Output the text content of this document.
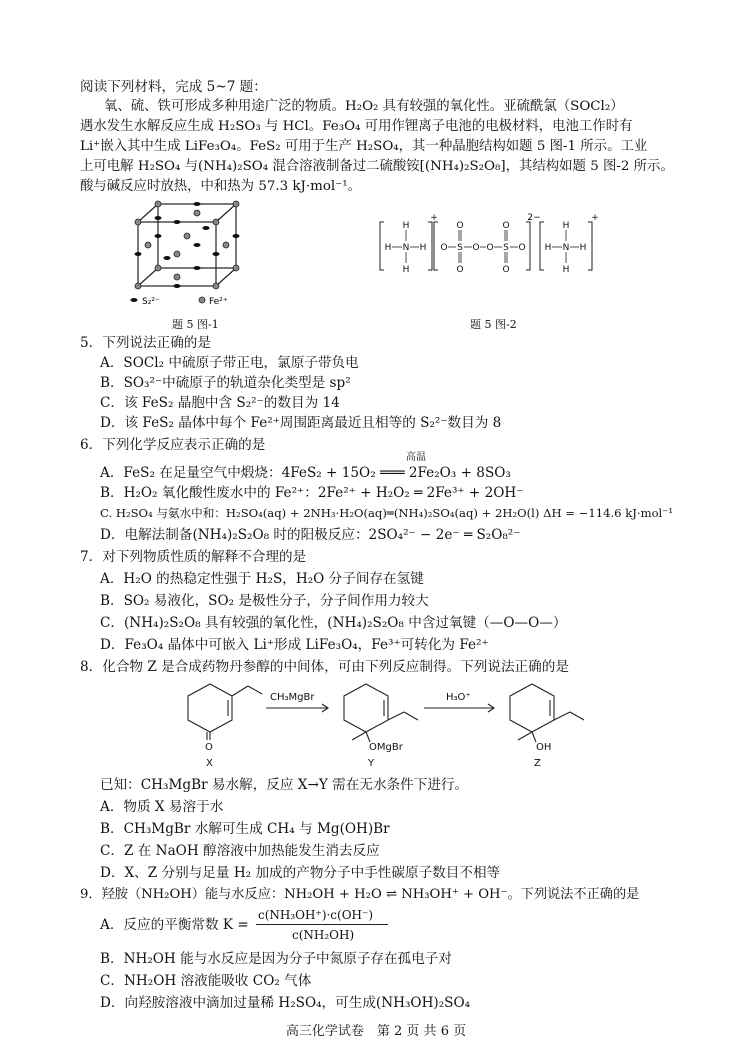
阅读下列材料，完成 5~7 题：
氧、硫、铁可形成多种用途广泛的物质。H₂O₂ 具有较强的氧化性。亚硫酰氯（SOCl₂）
遇水发生水解反应生成 H₂SO₃ 与 HCl。Fe₃O₄ 可用作锂离子电池的电极材料，电池工作时有
Li⁺嵌入其中生成 LiFe₃O₄。FeS₂ 可用于生产 H₂SO₄，其一种晶胞结构如题 5 图-1 所示。工业
上可电解 H₂SO₄ 与(NH₄)₂SO₄ 混合溶液制备过二硫酸铵[(NH₄)₂S₂O₈]，其结构如题 5 图-2 所示。
酸与碱反应时放热，中和热为 57.3 kJ·mol⁻¹。
S₂²⁻	Fe²⁺
题 5 图-1
H
H N H
H
+
O S
O
O
O O S
O
O
O
2−
H
H N H
H
+
题 5 图-2
5．下列说法正确的是
A．SOCl₂ 中硫原子带正电，氯原子带负电
B．SO₃²⁻中硫原子的轨道杂化类型是 sp²
C．该 FeS₂ 晶胞中含 S₂²⁻的数目为 14
D．该 FeS₂ 晶体中每个 Fe²⁺周围距离最近且相等的 S₂²⁻数目为 8
6．下列化学反应表示正确的是
高温
A．FeS₂ 在足量空气中煅烧：4FeS₂ + 15O₂ ═══ 2Fe₂O₃ + 8SO₃
B．H₂O₂ 氧化酸性废水中的 Fe²⁺：2Fe²⁺ + H₂O₂ ═ 2Fe³⁺ + 2OH⁻
C. H₂SO₄ 与氨水中和：H₂SO₄(aq) + 2NH₃·H₂O(aq)═(NH₄)₂SO₄(aq) + 2H₂O(l) ΔH = −114.6 kJ·mol⁻¹
D．电解法制备(NH₄)₂S₂O₈ 时的阳极反应：2SO₄²⁻ − 2e⁻ ═ S₂O₈²⁻
7．对下列物质性质的解释不合理的是
A．H₂O 的热稳定性强于 H₂S，H₂O 分子间存在氢键
B．SO₂ 易液化，SO₂ 是极性分子，分子间作用力较大
C．(NH₄)₂S₂O₈ 具有较强的氧化性，(NH₄)₂S₂O₈ 中含过氧键（—O—O—）
D．Fe₃O₄ 晶体中可嵌入 Li⁺形成 LiFe₃O₄，Fe³⁺可转化为 Fe²⁺
8．化合物 Z 是合成药物丹参醇的中间体，可由下列反应制得。下列说法正确的是
CH₃MgBr	H₃O⁺
O	OMgBr	OH
X	Y	Z
已知：CH₃MgBr 易水解，反应 X→Y 需在无水条件下进行。
A．物质 X 易溶于水
B．CH₃MgBr 水解可生成 CH₄ 与 Mg(OH)Br
C．Z 在 NaOH 醇溶液中加热能发生消去反应
D．X、Z 分别与足量 H₂ 加成的产物分子中手性碳原子数目不相等
9．羟胺（NH₂OH）能与水反应：NH₂OH + H₂O ⇌ NH₃OH⁺ + OH⁻。下列说法不正确的是
A．反应的平衡常数 K =
c(NH₃OH⁺)·c(OH⁻)
c(NH₂OH)
B．NH₂OH 能与水反应是因为分子中氮原子存在孤电子对
C．NH₂OH 溶液能吸收 CO₂ 气体
D．向羟胺溶液中滴加过量稀 H₂SO₄，可生成(NH₃OH)₂SO₄
高三化学试卷　第 2 页 共 6 页
